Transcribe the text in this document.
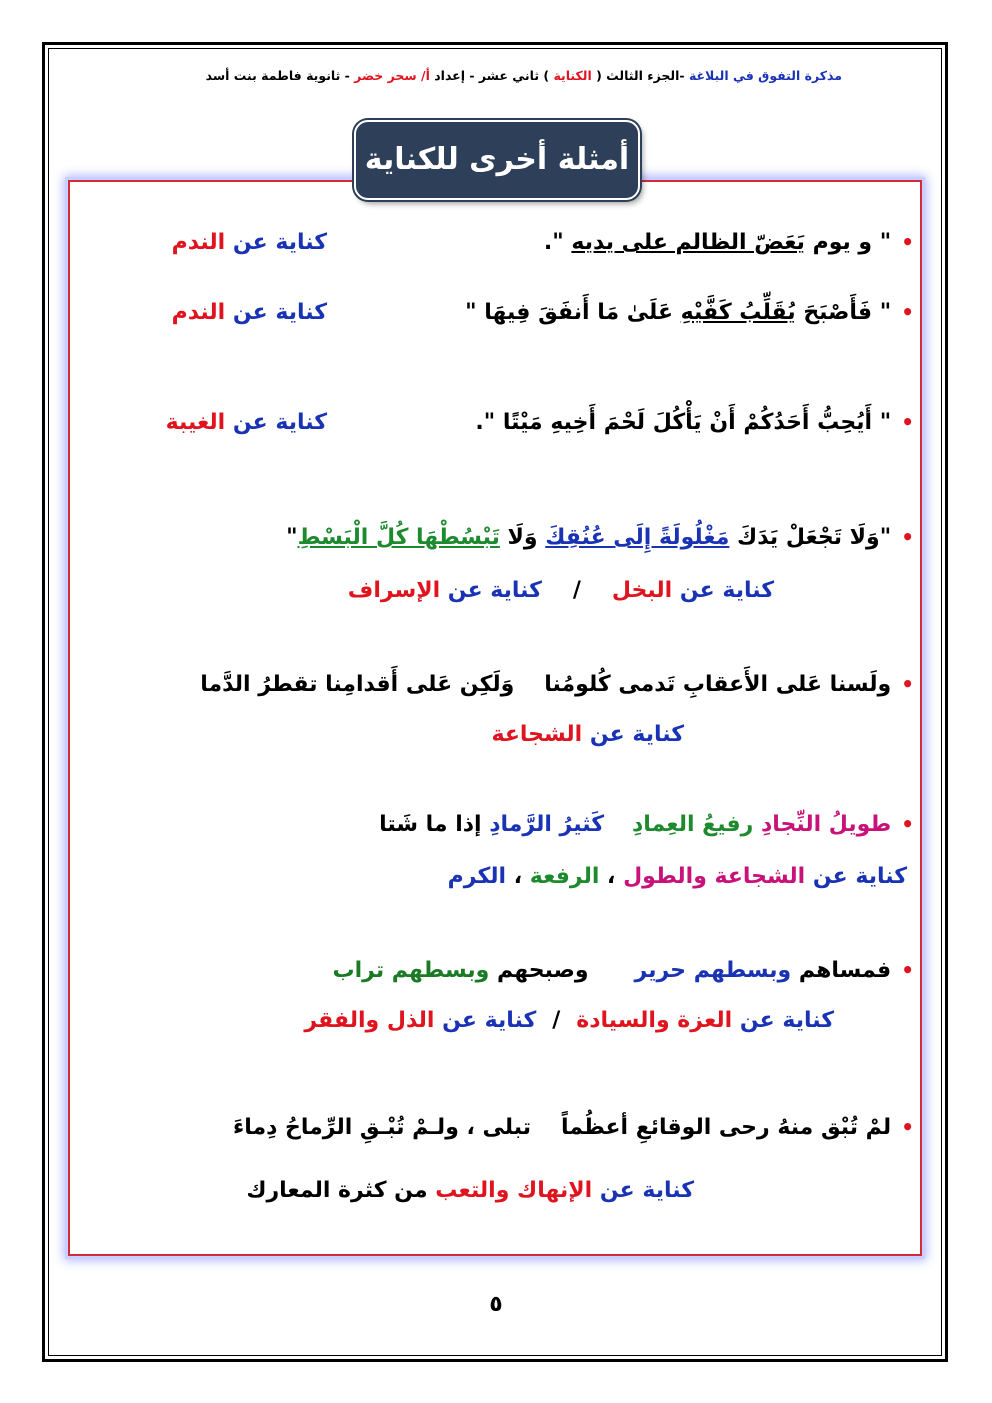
مذكرة التفوق في البلاغة -الجزء الثالث ( الكناية ) ثاني عشر - إعداد أ/ سحر خضر - ثانوية فاطمة بنت أسد
أمثلة أخرى للكناية
•" و يوم يَعَضّ الظالم على يديه ".
كناية عن الندم
•" فَأَصْبَحَ يُقَلِّبُ كَفَّيْهِ عَلَىٰ مَا أَنفَقَ فِيهَا "
كناية عن الندم
•" أَيُحِبُّ أَحَدُكُمْ أَنْ يَأْكُلَ لَحْمَ أَخِيهِ مَيْتًا ".
كناية عن الغيبة
•"وَلَا تَجْعَلْ يَدَكَ مَغْلُولَةً إِلَى عُنُقِكَ وَلَا تَبْسُطْهَا كُلَّ الْبَسْطِ"
كناية عن البخل/كناية عن الإسراف
•ولَسنا عَلى الأَعقابِ تَدمى كُلومُناوَلَكِن عَلى أَقدامِنا تقطرُ الدَّما
كناية عن الشجاعة
•طويلُ النِّجادِ رفيعُ العِمادِكَثيرُ الرَّمادِ إذا ما شَتا
كناية عن الشجاعة والطول ، الرفعة ، الكرم
•فمساهم وبسطهم حريروصبحهم وبسطهم تراب
كناية عن العزة والسيادة/كناية عن الذل والفقر
•لمْ تُبْق منهُ رحى الوقائعِ أعظُماًتبلى ، ولـمْ تُبْـقِ الرِّماحُ دِماءَ
كناية عن الإنهاك والتعب من كثرة المعارك
٥
